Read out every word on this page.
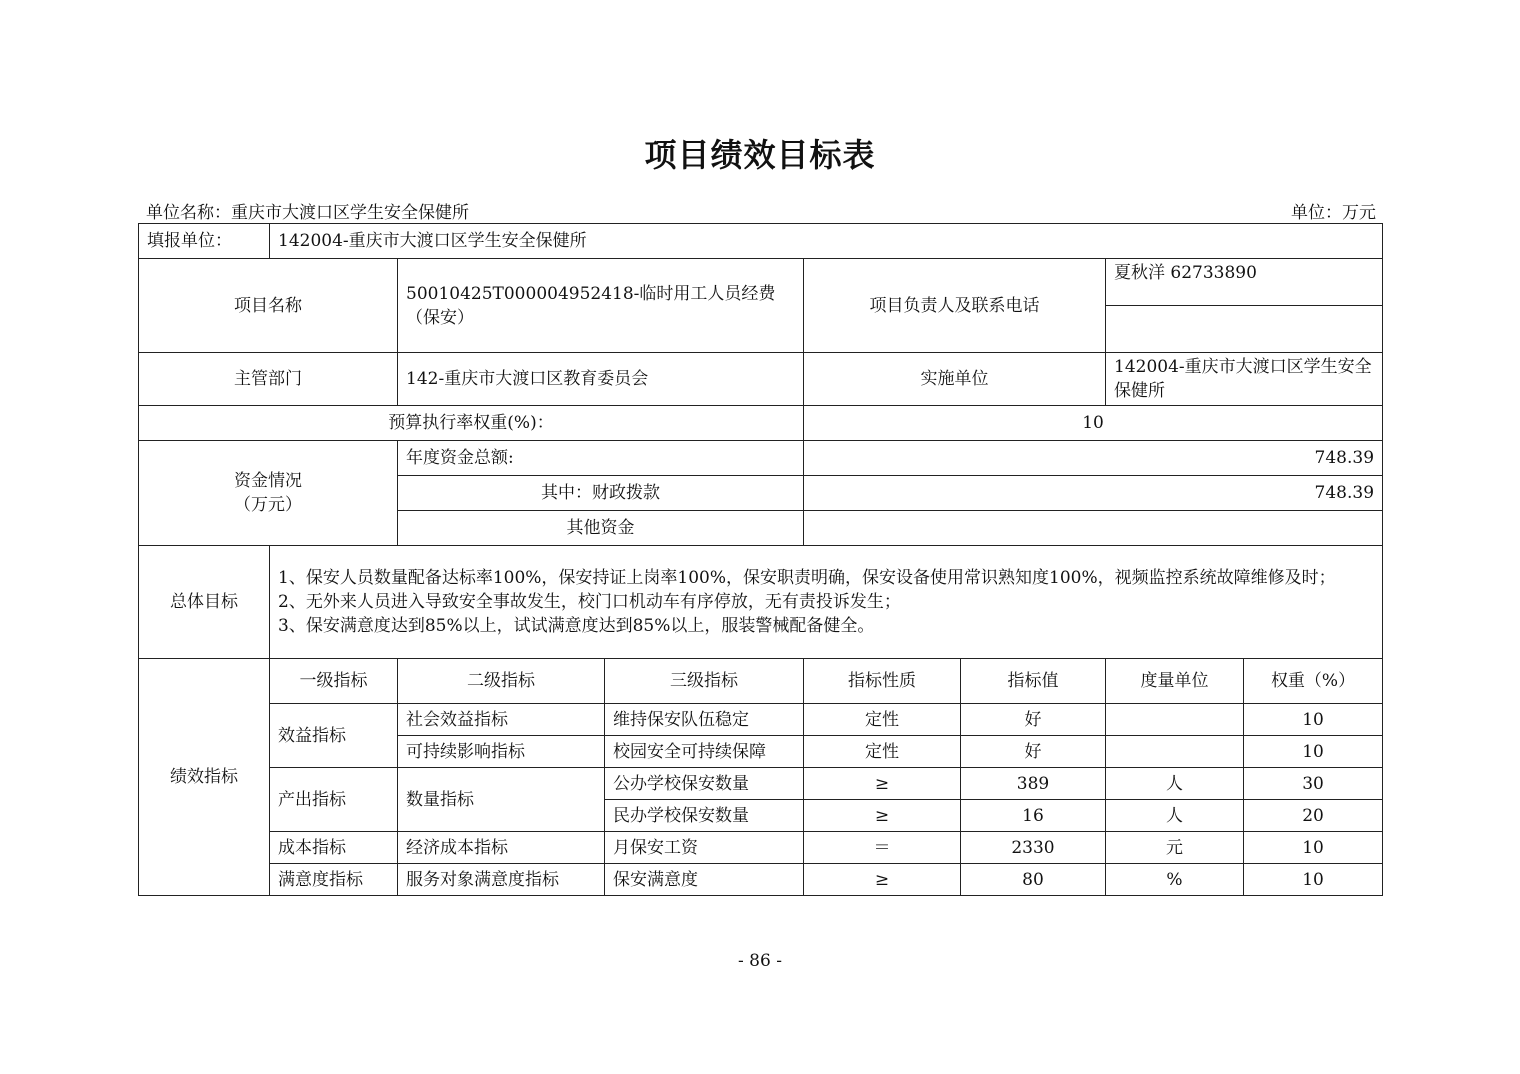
项目绩效目标表
单位名称：重庆市大渡口区学生安全保健所	单位：万元
填报单位：	142004-重庆市大渡口区学生安全保健所						
项目名称		50010425T000004952418-临时用工人员经费（保安）		项目负责人及联系电话		夏秋洋 62733890	

主管部门		142-重庆市大渡口区教育委员会		实施单位		142004-重庆市大渡口区学生安全保健所	
预算执行率权重(%)：				10			

资金情况
（万元）		年度资金总额:		748.39			
		其中：财政拨款		748.39			
		其他资金					
总体目标	1、保安人员数量配备达标率100%，保安持证上岗率100%，保安职责明确，保安设备使用常识熟知度100%，视频监控系统故障维修及时；
2、无外来人员进入导致安全事故发生，校门口机动车有序停放，无有责投诉发生；
3、保安满意度达到85%以上，试试满意度达到85%以上，服装警械配备健全。						

绩效指标	一级指标	二级指标	三级指标	指标性质	指标值	度量单位	权重（%）
	效益指标	社会效益指标	维持保安队伍稳定	定性	好		10
		可持续影响指标	校园安全可持续保障	定性	好		10
	产出指标	数量指标	公办学校保安数量	≥	389	人	30
			民办学校保安数量	≥	16	人	20
	成本指标	经济成本指标	月保安工资	＝	2330	元	10
	满意度指标	服务对象满意度指标	保安满意度	≥	80	%	10
- 86 -
